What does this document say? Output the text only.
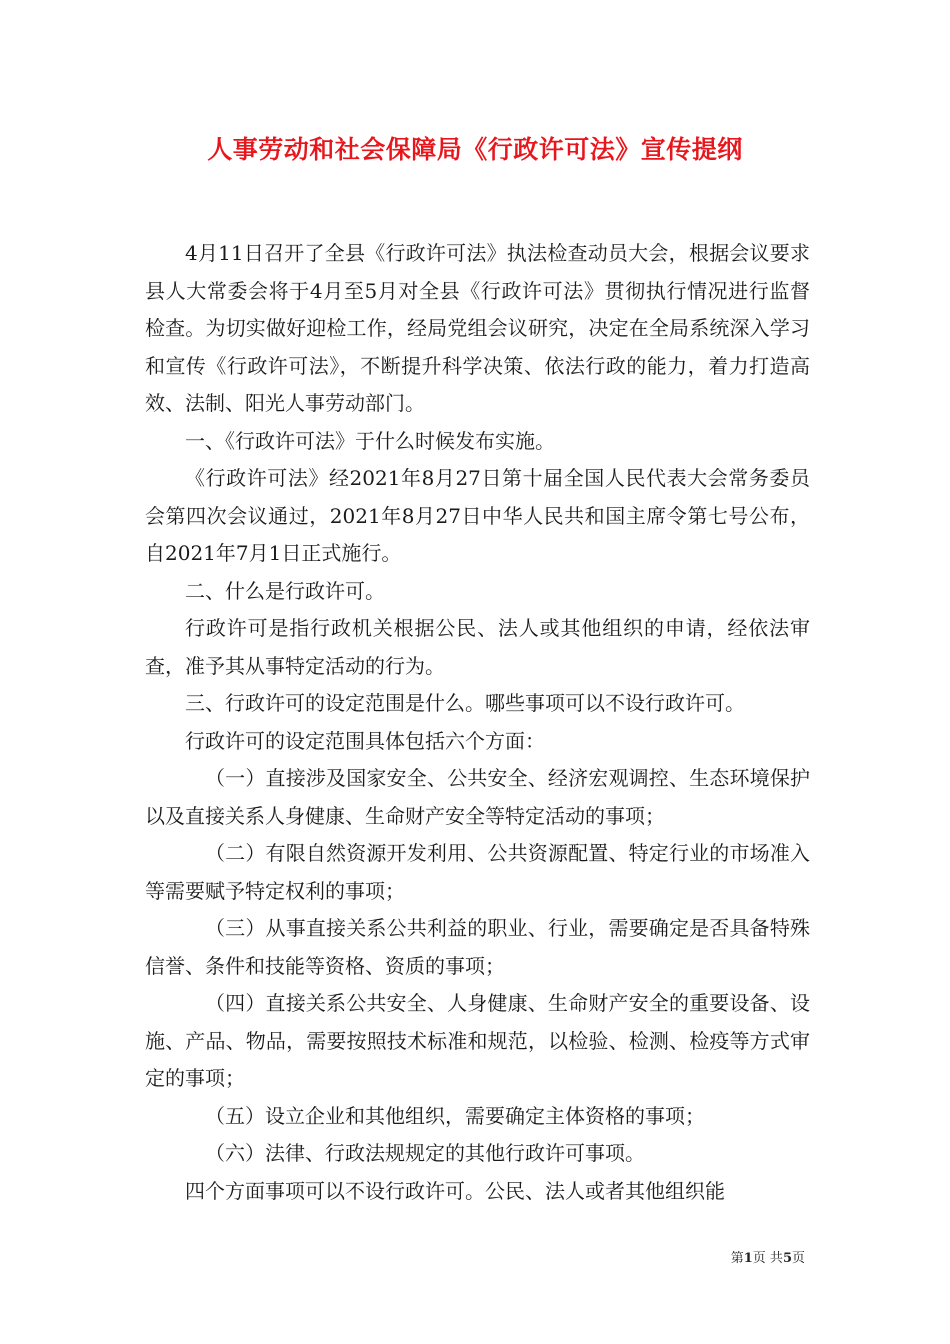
人事劳动和社会保障局《行政许可法》宣传提纲

4月11日召开了全县《行政许可法》执法检查动员大会，根据会议要求县人大常委会将于4月至5月对全县《行政许可法》贯彻执行情况进行监督检查。为切实做好迎检工作，经局党组会议研究，决定在全局系统深入学习和宣传《行政许可法》，不断提升科学决策、依法行政的能力，着力打造高效、法制、阳光人事劳动部门。

一、《行政许可法》于什么时候发布实施。

《行政许可法》经2021年8月27日第十届全国人民代表大会常务委员会第四次会议通过，2021年8月27日中华人民共和国主席令第七号公布，自2021年7月1日正式施行。

二、什么是行政许可。

行政许可是指行政机关根据公民、法人或其他组织的申请，经依法审查，准予其从事特定活动的行为。

三、行政许可的设定范围是什么。哪些事项可以不设行政许可。

行政许可的设定范围具体包括六个方面：

（一）直接涉及国家安全、公共安全、经济宏观调控、生态环境保护以及直接关系人身健康、生命财产安全等特定活动的事项；

（二）有限自然资源开发利用、公共资源配置、特定行业的市场准入等需要赋予特定权利的事项；

（三）从事直接关系公共利益的职业、行业，需要确定是否具备特殊信誉、条件和技能等资格、资质的事项；

（四）直接关系公共安全、人身健康、生命财产安全的重要设备、设施、产品、物品，需要按照技术标准和规范，以检验、检测、检疫等方式审定的事项；

（五）设立企业和其他组织，需要确定主体资格的事项；

（六）法律、行政法规规定的其他行政许可事项。

四个方面事项可以不设行政许可。公民、法人或者其他组织能

第1页 共5页
